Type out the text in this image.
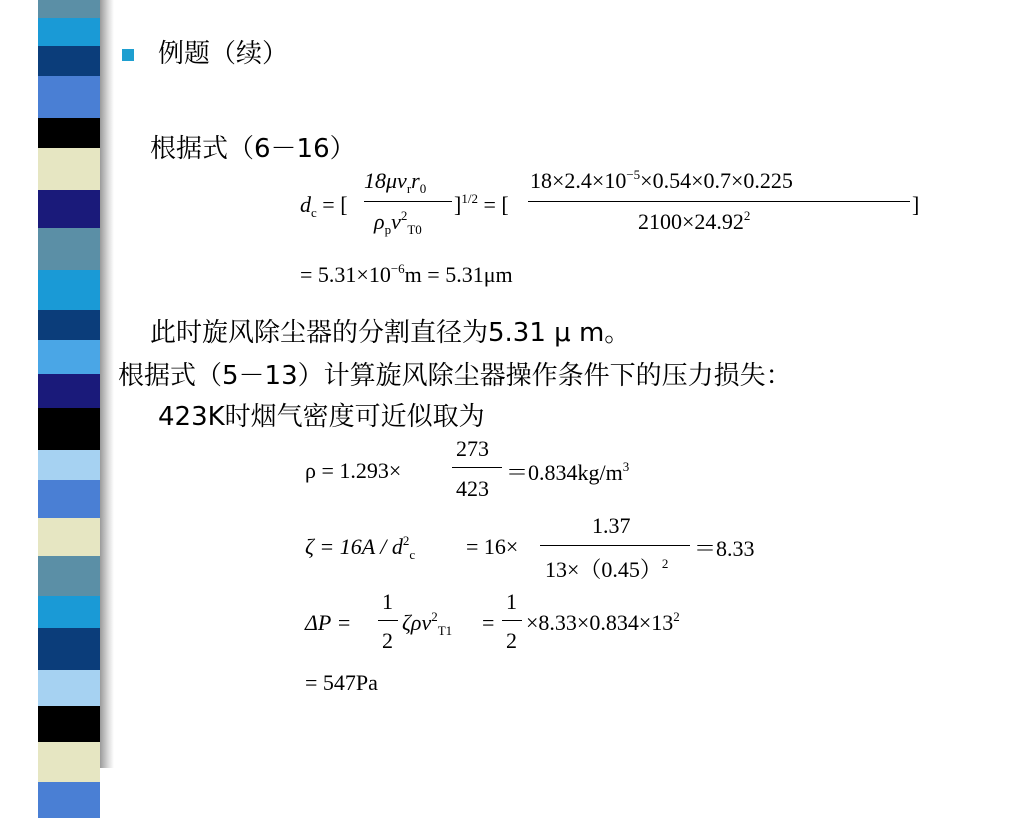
例题（续）
根据式（6－16）
$d_c$ = [
$18\mu v_rr_0$
$\rho_pv^2_{T0}$
]$^{1/2}$ = [
$18\times 2.4\times 10^{-5}\times 0.54\times 0.7\times 0.225$
$2100\times 24.92^2$	]
= $5.31\times 10^{-6}m = 5.31\mu m$
此时旋风除尘器的分割直径为5.31 μ m。
根据式（5－13）计算旋风除尘器操作条件下的压力损失：
423K时烟气密度可近似取为
ρ = 1.293×
273
423
$=0.834kg/m^3$
$\zeta = 16A / d^2_c = 16\times$
1.37
$13\times(0.45)^2$
＝8.33
ΔP =
1
2
ζρv$^2_{T1}$ =
1
2
$\times 8.33\times 0.834\times 13^2$
= 547Pa
